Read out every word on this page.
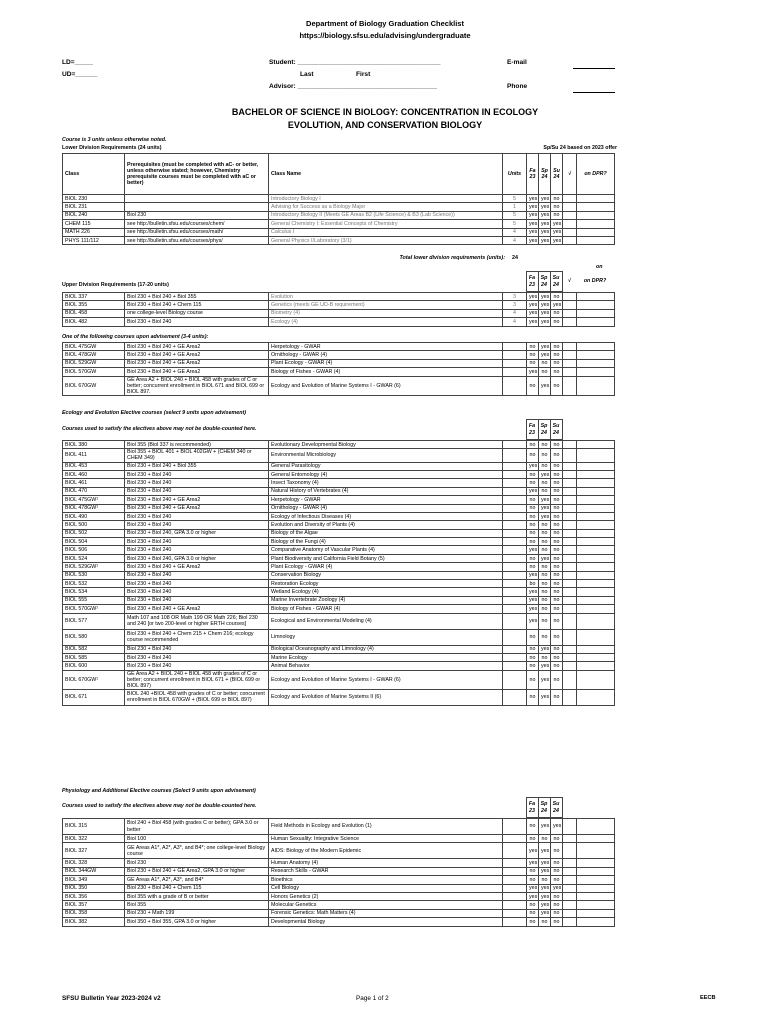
Department of Biology Graduation Checklist
https://biology.sfsu.edu/advising/undergraduate
LD=_____
UD=______
Student: _______________________________________
Last	First
Advisor: ______________________________________
E-mail
Phone
BACHELOR OF SCIENCE IN BIOLOGY: CONCENTRATION IN ECOLOGY
EVOLUTION, AND CONSERVATION BIOLOGY
Course is 3 units unless otherwise noted.
Lower Division Requirements (24 units)	Sp/Su 24 based on 2023 offer
Class	Prerequisites (must be completed with aC- or better, unless otherwise stated; however, Chemistry prerequisite courses must be completed with aC or better)	Class Name	Units	Fa 23	Sp 24	Su 24	√	on DPR?
BIOL 230		Introductory Biology I	5	yes	yes	no		
BIOL 231		Advising for Success as a Biology Major	1	yes	yes	no		
BIOL 240	Biol 230	Introductory Biology II (Meets GE Areas B2 (Life Science) & B3 (Lab Science))	5	yes	yes	no		
CHEM 115	see http://bulletin.sfsu.edu/courses/chem/	General Chemistry I: Essential Concepts of Chemistry	5	yes	yes	yes		
MATH 226	see http://bulletin.sfsu.edu/courses/math/	Calculus I	4	yes	yes	yes		
PHYS 111/112	see http://bulletin.sfsu.edu/courses/phys/	General Physics I/Laboratory (3/1)	4	yes	yes	yes		
Total lower division requirements (units): 24
on
Upper Division Requirements (17-20 units)
				Fa 23	Sp 24	Su 24	√	on DPR?
BIOL 337	Biol 230 + Biol 240 + Biol 355	Evolution	3	yes	yes	no		
BIOL 355	Biol 230 + Biol 240 + Chem 115	Genetics (meets GE UD-B requirement)	3	yes	yes	yes		
BIOL 458	one college-level Biology course	Biometry (4)	4	yes	yes	no		
BIOL 482	Biol 230 + Biol 240	Ecology (4)	4	yes	yes	no		
One of the following courses upon advisement (3-4 units):
BIOL 475GW	Biol 230 + Biol 240 + GE Area2	Herpetology - GWAR		no	yes	no		
BIOL 478GW	Biol 230 + Biol 240 + GE Area2	Ornithology - GWAR (4)		no	yes	no		
BIOL 529GW	Biol 230 + Biol 240 + GE Area2	Plant Ecology - GWAR (4)		no	no	no		
BIOL 570GW	Biol 230 + Biol 240 + GE Area2	Biology of Fishes - GWAR (4)		yes	no	no		
BIOL 670GW	GE Area A2 + BIOL 240 + BIOL 458 with grades of C or better; concurrent enrollment in BIOL 671 and BIOL 699 or BIOL 897.	Ecology and Evolution of Marine Systems I - GWAR (6)		no	yes	no		
Ecology and Evolution Elective courses (select 9 units upon advisement)
Courses used to satisfy the electives above may not be double-counted here.
					Fa 23	Sp 24	Su 24		
BIOL 380	Biol 355 (Biol 337 is recommended)	Evolutionary Developmental Biology		no	no	no		
BIOL 411	Biol 355 + BIOL 401 + BIOL 402GW + (CHEM 340 or CHEM 349)	Environmental Microbiology		no	no	no		
BIOL 453	Biol 230 + Biol 240 + Biol 355	General Parasitology		yes	no	no		
BIOL 460	Biol 230 + Biol 240	General Entomology (4)		no	yes	no		
BIOL 461	Biol 230 + Biol 240	Insect Taxonomy (4)		no	no	no		
BIOL 470	Biol 230 + Biol 240	Natural History of Vertebrates (4)		yes	no	no		
BIOL 475GW¹	Biol 230 + Biol 240 + GE Area2	Herpetology - GWAR		no	yes	no		
BIOL 478GW¹	Biol 230 + Biol 240 + GE Area2	Ornithology - GWAR (4)		no	yes	no		
BIOL 490	Biol 230 + Biol 240	Ecology of Infectious Diseases (4)		no	yes	no		
BIOL 500	Biol 230 + Biol 240	Evolution and Diversity of Plants (4)		no	no	no		
BIOL 502	Biol 230 + Biol 240, GPA 3.0 or higher	Biology of the Algae		no	no	no		
BIOL 504	Biol 230 + Biol 240	Biology of the Fungi (4)		no	no	no		
BIOL 506	Biol 230 + Biol 240	Comparative Anatomy of Vascular Plants (4)		yes	no	no		
BIOL 524	Biol 230 + Biol 240, GPA 3.0 or higher	Plant Biodiversity and California Field Botany (5)		no	yes	no		
BIOL 529GW¹	Biol 230 + Biol 240 + GE Area2	Plant Ecology - GWAR (4)		no	no	no		
BIOL 530	Biol 230 + Biol 240	Conservation Biology		yes	no	no		
BIOL 532	Biol 230 + Biol 240	Restoration Ecology		bo	no	no		
BIOL 534	Biol 230 + Biol 240	Wetland Ecology (4)		yes	no	no		
BIOL 555	Biol 230 + Biol 240	Marine Invertebrate Zoology (4)		yes	no	no		
BIOL 570GW¹	Biol 230 + Biol 240 + GE Area2	Biology of Fishes - GWAR (4)		yes	no	no		
BIOL 577	Math 107 and 108 OR Math 199 OR Math 226; Biol 230 and 240 [or two 200-level or higher ERTH courses]	Ecological and Environmental Modeling (4)		yes	no	no		
BIOL 580	Biol 230 + Biol 240 + Chem 215 + Chem 216; ecology course recommended	Limnology		no	no	no		
BIOL 582	Biol 230 + Biol 240	Biological Oceanography and Limnology (4)		no	yes	no		
BIOL 585	Biol 230 + Biol 240	Marine Ecology		no	no	no		
BIOL 600	Biol 230 + Biol 240	Animal Behavior		no	yes	no		
BIOL 670GW¹	GE Area A2 + BIOL 240 + BIOL 458 with grades of C or better; concurrent enrollment in BIOL 671 + (BIOL 699 or BIOL 897)	Ecology and Evolution of Marine Systems I - GWAR (6)		no	yes	no		
BIOL 671	BIOL 240 +BIOL 458 with grades of C or better; concurrent enrollment in BIOL 670GW + (BIOL 699 or BIOL 897)	Ecology and Evolution of Marine Systems II (6)		no	yes	no		
Physiology and Additional Elective courses (Select 9 units upon advisement)
Courses used to satisfy the electives above may not be double-counted here.
					Fa 23	Sp 24	Su 24		
BIOL 315	Biol 240 + Biol 458 (with grades C or better); GPA 3.0 or better	Field Methods in Ecology and Evolution (1)		no	yes	yes		
BIOL 322	Biol 100	Human Sexuality: Integrative Science		no	no	no		
BIOL 327	GE Areas A1*, A2*, A3*, and B4*; one college-level Biology course	AIDS: Biology of the Modern Epidemic		yes	yes	no		
BIOL 328	Biol 230	Human Anatomy (4)		yes	yes	no		
BIOL 344GW	Biol 230 + Biol 240 + GE Area2, GPA 3.0 or higher	Research Skills - GWAR		no	yes	no		
BIOL 349	GE Areas A1*, A2*, A3*, and B4*	Bioethics		no	no	no		
BIOL 350	Biol 230 + Biol 240 + Chem 115	Cell Biology		yes	yes	yes		
BIOL 356	Biol 355 with a grade of B or better	Honors Genetics (2)		yes	yes	no		
BIOL 357	Biol 355	Molecular Genetics		no	yes	no		
BIOL 358	Biol 230 + Math 199	Forensic Genetics: Math Matters (4)		no	yes	no		
BIOL 382	Biol 350 + Biol 355, GPA 3.0 or higher	Developmental Biology		no	no	no		
SFSU Bulletin Year 2023-2024 v2	Page 1 of 2	EECB
